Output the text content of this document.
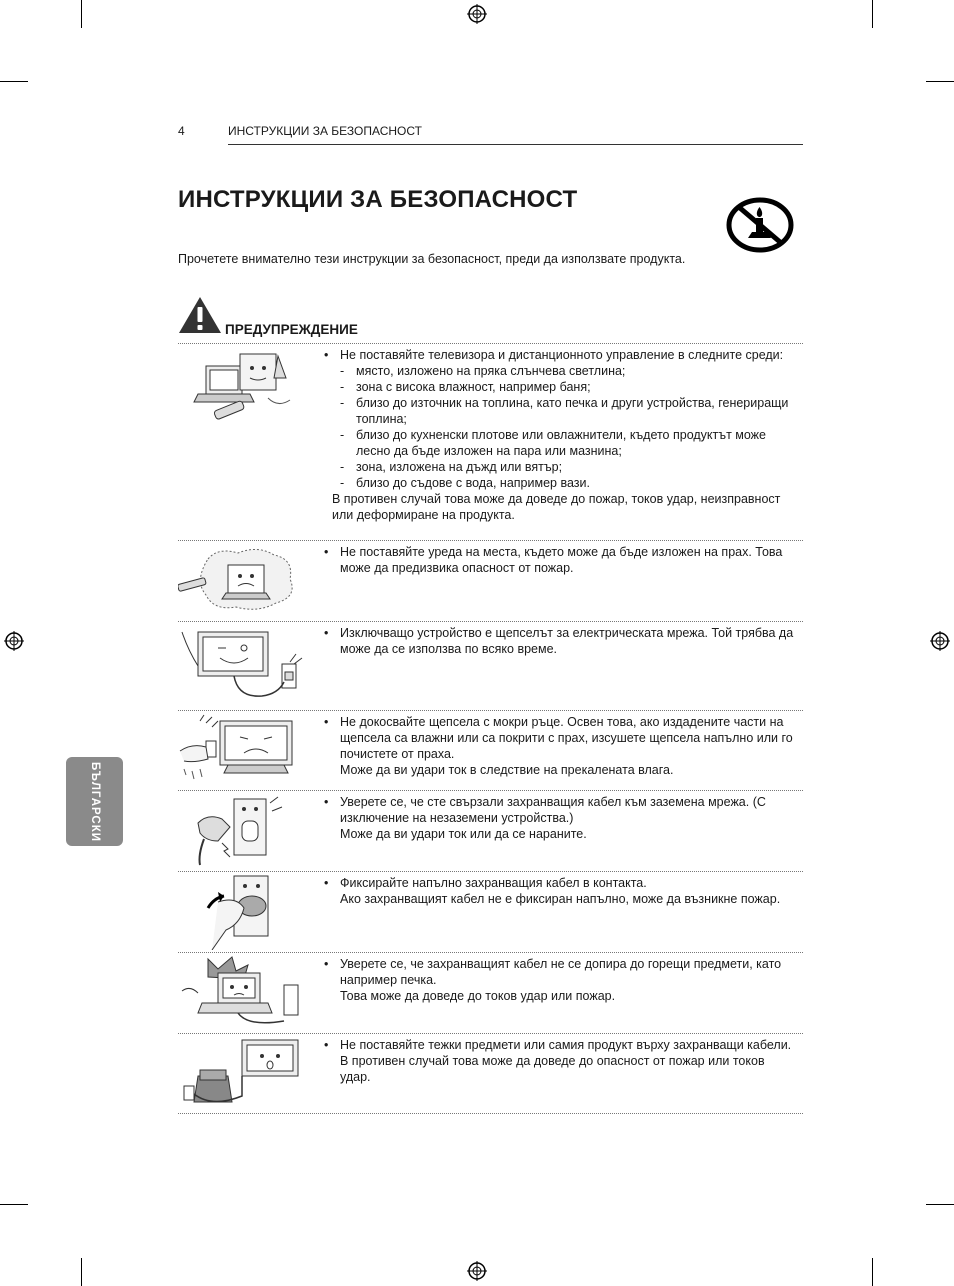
4	ИНСТРУКЦИИ ЗА БЕЗОПАСНОСТ
ИНСТРУКЦИИ ЗА БЕЗОПАСНОСТ
Прочетете внимателно тези инструкции за безопасност, преди да използвате продукта.
ПРЕДУПРЕЖДЕНИЕ
БЪЛГАРСКИ

• Не поставяйте телевизора и дистанционното управление в следните среди:

- място, изложено на пряка слънчева светлина;

- зона с висока влажност, например баня;

- близо до източник на топлина, като печка и други устройства, генериращи топлина;

- близо до кухненски плотове или овлажнители, където продуктът може лесно да бъде изложен на пара или мазнина;

- зона, изложена на дъжд или вятър;

- близо до съдове с вода, например вази.

В противен случай това може да доведе до пожар, токов удар, неизправност или деформиране на продукта.

• Не поставяйте уреда на места, където може да бъде изложен на прах. Това може да предизвика опасност от пожар.

• Изключващо устройство е щепселът за електрическата мрежа. Той трябва да може да се използва по всяко време.

• Не докосвайте щепсела с мокри ръце. Освен това, ако издадените части на щепсела са влажни или са покрити с прах, изсушете щепсела напълно или го почистете от праха.

Може да ви удари ток в следствие на прекалената влага.

• Уверете се, че сте свързали захранващия кабел към заземена мрежа. (С изключение на незаземени устройства.)

Може да ви удари ток или да се нараните.

• Фиксирайте напълно захранващия кабел в контакта.

Ако захранващият кабел не е фиксиран напълно, може да възникне пожар.

• Уверете се, че захранващият кабел не се допира до горещи предмети, като например печка.

Това може да доведе до токов удар или пожар.

• Не поставяйте тежки предмети или самия продукт върху захранващи кабели.

В противен случай това може да доведе до опасност от пожар или токов удар.
